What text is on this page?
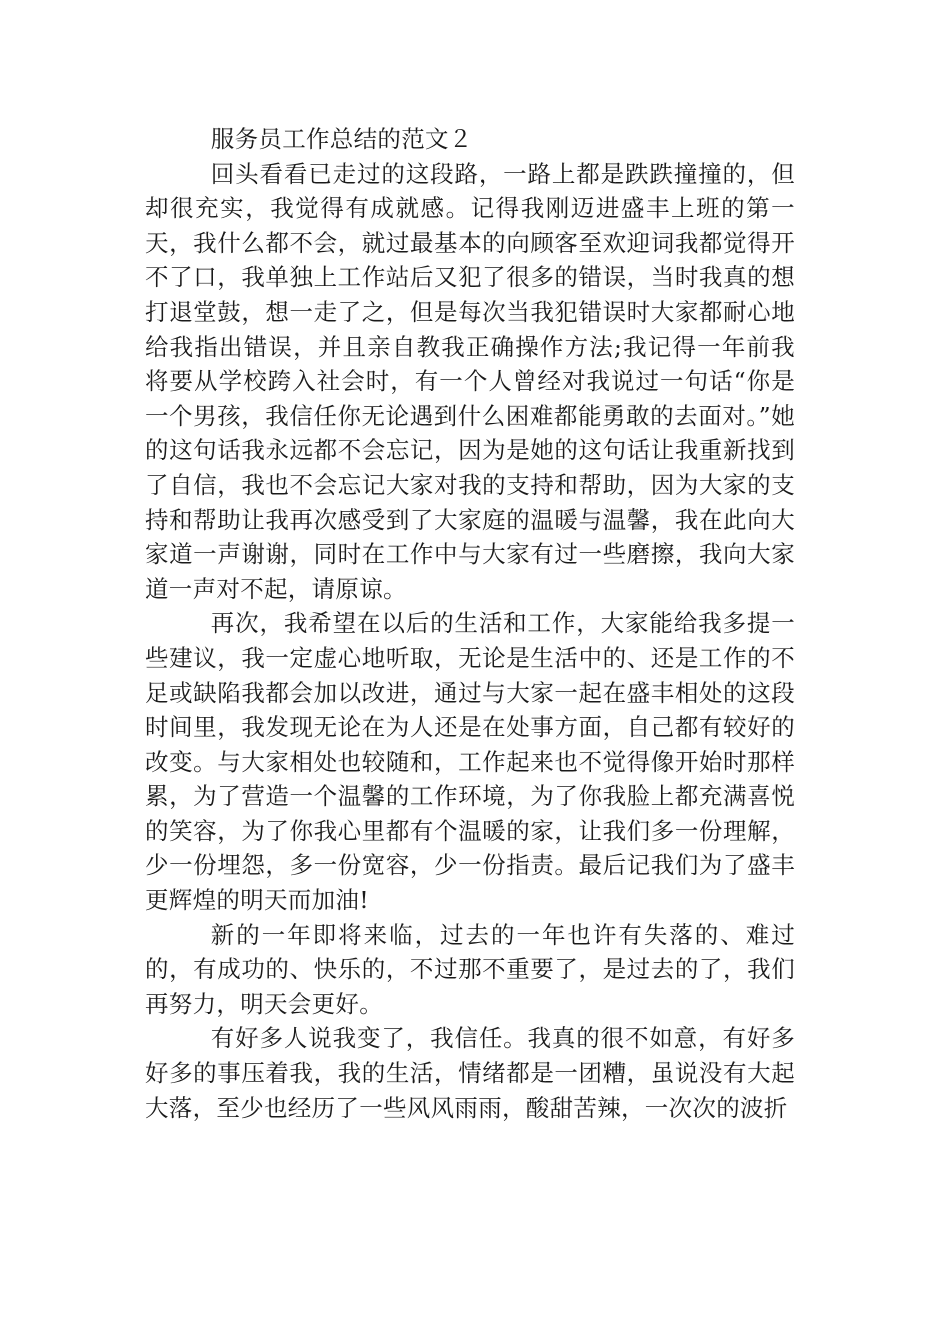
服务员工作总结的范文２

回头看看已走过的这段路，一路上都是跌跌撞撞的，但却很充实，我觉得有成就感。记得我刚迈进盛丰上班的第一天，我什么都不会，就过最基本的向顾客至欢迎词我都觉得开不了口，我单独上工作站后又犯了很多的错误，当时我真的想打退堂鼓，想一走了之，但是每次当我犯错误时大家都耐心地给我指出错误，并且亲自教我正确操作方法;我记得一年前我将要从学校跨入社会时，有一个人曾经对我说过一句话“你是一个男孩，我信任你无论遇到什么困难都能勇敢的去面对。”她的这句话我永远都不会忘记，因为是她的这句话让我重新找到了自信，我也不会忘记大家对我的支持和帮助，因为大家的支持和帮助让我再次感受到了大家庭的温暖与温馨，我在此向大家道一声谢谢，同时在工作中与大家有过一些磨擦，我向大家道一声对不起，请原谅。

再次，我希望在以后的生活和工作，大家能给我多提一些建议，我一定虚心地听取，无论是生活中的、还是工作的不足或缺陷我都会加以改进，通过与大家一起在盛丰相处的这段时间里，我发现无论在为人还是在处事方面，自己都有较好的改变。与大家相处也较随和，工作起来也不觉得像开始时那样累，为了营造一个温馨的工作环境，为了你我脸上都充满喜悦的笑容，为了你我心里都有个温暖的家，让我们多一份理解，少一份埋怨，多一份宽容，少一份指责。最后记我们为了盛丰更辉煌的明天而加油!

新的一年即将来临，过去的一年也许有失落的、难过的，有成功的、快乐的，不过那不重要了，是过去的了，我们再努力，明天会更好。

有好多人说我变了，我信任。我真的很不如意，有好多好多的事压着我，我的生活，情绪都是一团糟，虽说没有大起大落，至少也经历了一些风风雨雨，酸甜苦辣，一次次的波折
